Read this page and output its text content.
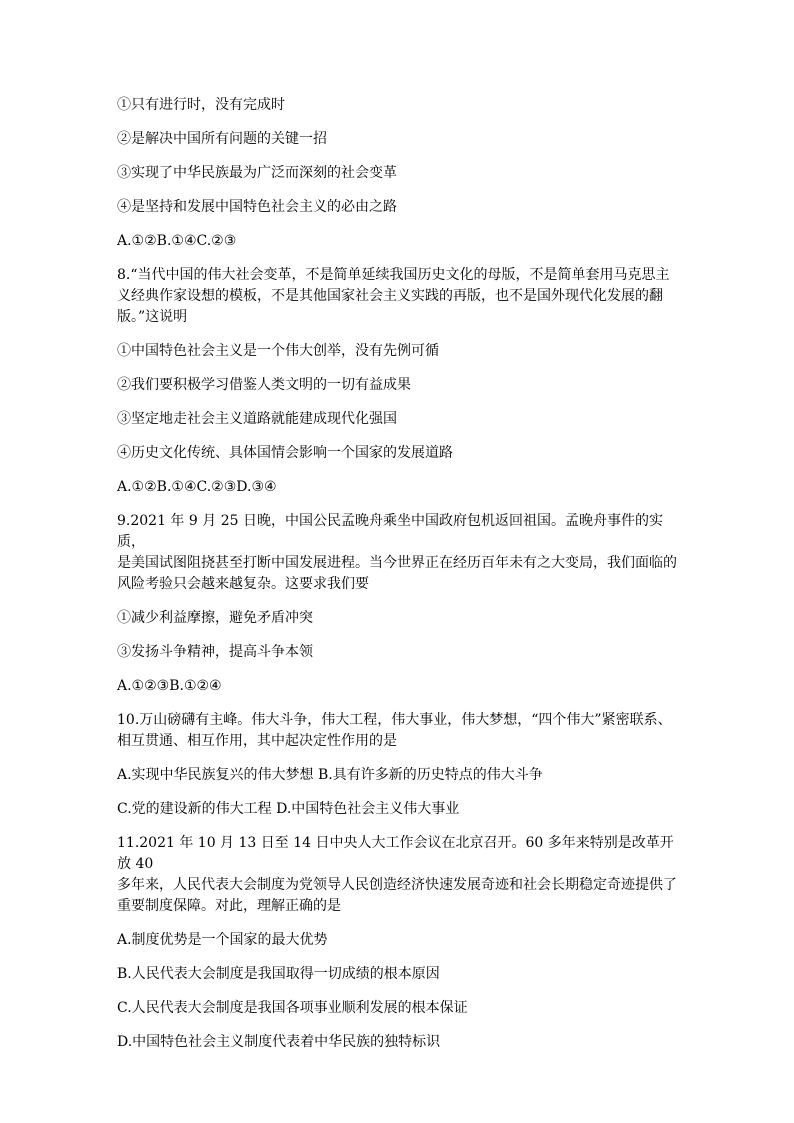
①只有进行时，没有完成时

②是解决中国所有问题的关键一招

③实现了中华民族最为广泛而深刻的社会变革

④是坚持和发展中国特色社会主义的必由之路

A.①②B.①④C.②③

8.“当代中国的伟大社会变革，不是简单延续我国历史文化的母版，不是简单套用马克思主
义经典作家设想的模板，不是其他国家社会主义实践的再版，也不是国外现代化发展的翻
版。”这说明

①中国特色社会主义是一个伟大创举，没有先例可循

②我们要积极学习借鉴人类文明的一切有益成果

③坚定地走社会主义道路就能建成现代化强国

④历史文化传统、具体国情会影响一个国家的发展道路

A.①②B.①④C.②③D.③④

9.2021 年 9 月 25 日晚，中国公民孟晚舟乘坐中国政府包机返回祖国。孟晚舟事件的实质，
是美国试图阻挠甚至打断中国发展进程。当今世界正在经历百年未有之大变局，我们面临的
风险考验只会越来越复杂。这要求我们要

①减少利益摩擦，避免矛盾冲突

③发扬斗争精神，提高斗争本领

A.①②③B.①②④

10.万山磅礴有主峰。伟大斗争，伟大工程，伟大事业，伟大梦想，“四个伟大”紧密联系、
相互贯通、相互作用，其中起决定性作用的是

A.实现中华民族复兴的伟大梦想 B.具有许多新的历史特点的伟大斗争

C.党的建设新的伟大工程 D.中国特色社会主义伟大事业

11.2021 年 10 月 13 日至 14 日中央人大工作会议在北京召开。60 多年来特别是改革开放 40
多年来，人民代表大会制度为党领导人民创造经济快速发展奇迹和社会长期稳定奇迹提供了
重要制度保障。对此，理解正确的是

A.制度优势是一个国家的最大优势

B.人民代表大会制度是我国取得一切成绩的根本原因

C.人民代表大会制度是我国各项事业顺利发展的根本保证

D.中国特色社会主义制度代表着中华民族的独特标识
